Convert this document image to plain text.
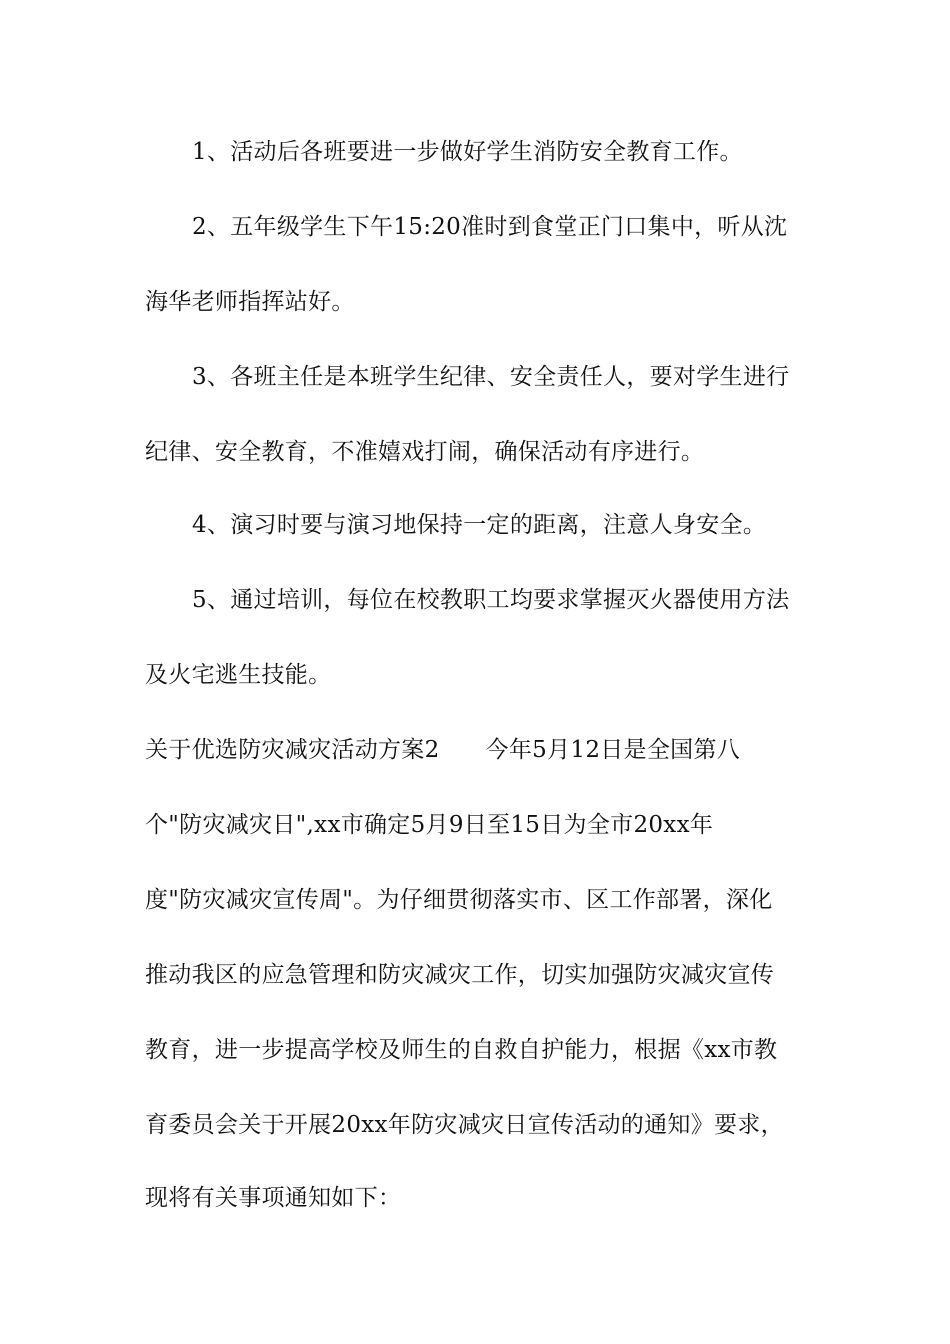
1、活动后各班要进一步做好学生消防安全教育工作。
2、五年级学生下午15:20准时到食堂正门口集中，听从沈
海华老师指挥站好。
3、各班主任是本班学生纪律、安全责任人，要对学生进行
纪律、安全教育，不准嬉戏打闹，确保活动有序进行。
4、演习时要与演习地保持一定的距离，注意人身安全。
5、通过培训，每位在校教职工均要求掌握灭火器使用方法
及火宅逃生技能。
关于优选防灾减灾活动方案2 今年5月12日是全国第八
个"防灾减灾日",xx市确定5月9日至15日为全市20xx年
度"防灾减灾宣传周"。为仔细贯彻落实市、区工作部署，深化
推动我区的应急管理和防灾减灾工作，切实加强防灾减灾宣传
教育，进一步提高学校及师生的自救自护能力，根据《xx市教
育委员会关于开展20xx年防灾减灾日宣传活动的通知》要求，
现将有关事项通知如下：
